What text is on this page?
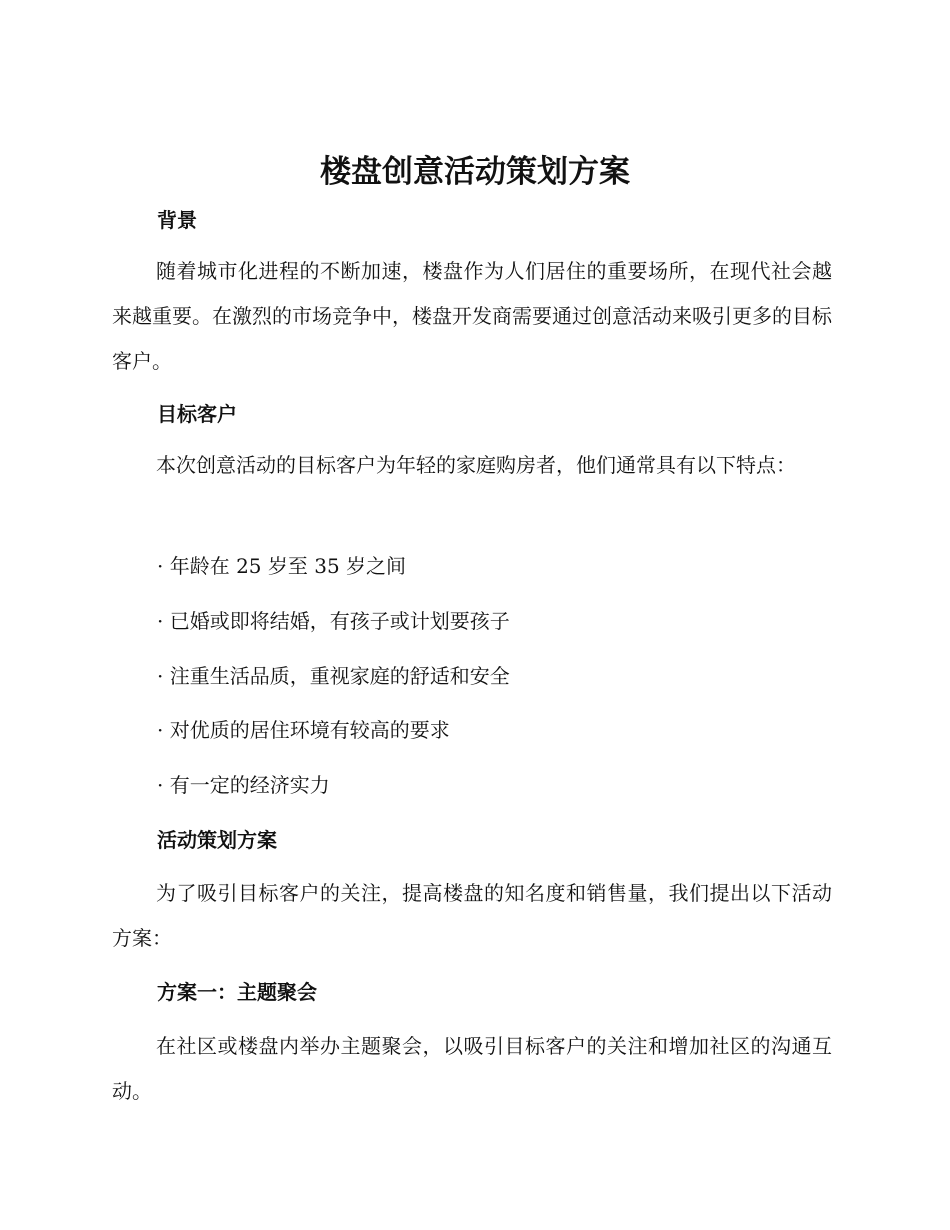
楼盘创意活动策划方案
背景

随着城市化进程的不断加速，楼盘作为人们居住的重要场所，在现代社会越来越重要。在激烈的市场竞争中，楼盘开发商需要通过创意活动来吸引更多的目标客户。

目标客户

本次创意活动的目标客户为年轻的家庭购房者，他们通常具有以下特点：

· 年龄在 25 岁至 35 岁之间

· 已婚或即将结婚，有孩子或计划要孩子

· 注重生活品质，重视家庭的舒适和安全

· 对优质的居住环境有较高的要求

· 有一定的经济实力

活动策划方案

为了吸引目标客户的关注，提高楼盘的知名度和销售量，我们提出以下活动方案：

方案一：主题聚会

在社区或楼盘内举办主题聚会，以吸引目标客户的关注和增加社区的沟通互动。
